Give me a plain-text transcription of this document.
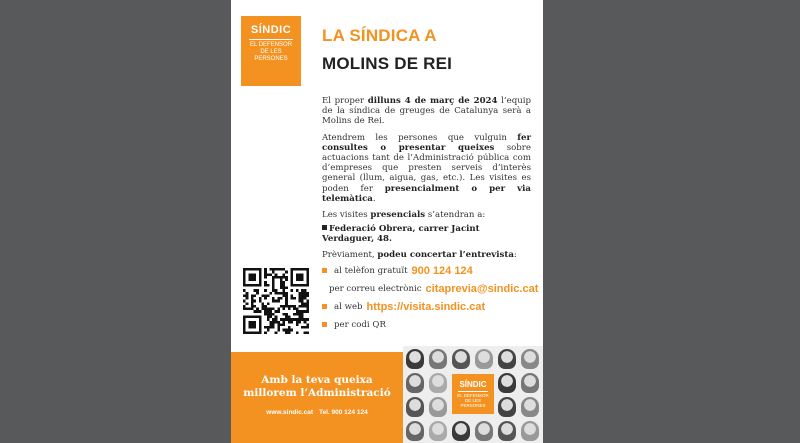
SÍNDIC
EL DEFENSOR
DE LES
PERSONES
LA SÍNDICA A
MOLINS DE REI

El proper dilluns 4 de març de 2024 l’equip de la síndica de greuges de Catalunya serà a Molins de Rei.

Atendrem les persones que vulguin fer consultes o presentar queixes sobre actuacions tant de l’Administració pública com d’empreses que presten serveis d’interès general (llum, aigua, gas, etc.). Les visites es poden fer presencialment o per via telemàtica.

Les visites presencials s’atendran a:

Federació Obrera, carrer Jacint Verdaguer, 48.

Prèviament, podeu concertar l’entrevista:

al telèfon gratuït 900 124 124
per correu electrònic citaprevia@sindic.cat
al web https://visita.sindic.cat
per codi QR
Amb la teva queixa
millorem l’Administració
www.sindic.cat Tel. 900 124 124
SÍNDIC
EL DEFENSOR
DE LES
PERSONES
